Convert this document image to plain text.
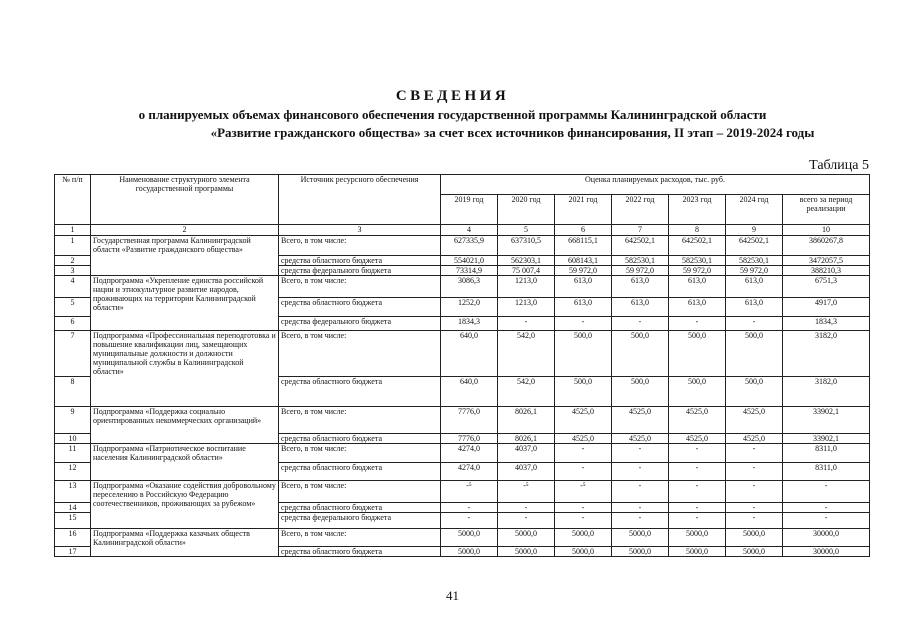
СВЕДЕНИЯ
о планируемых объемах финансового обеспечения государственной программы Калининградской области
«Развитие гражданского общества» за счет всех источников финансирования, II этап – 2019-2024 годы
Таблица 5
№ п/п	Наименование структурного элемента государственной программы	Источник ресурсного обеспечения	Оценка планируемых расходов, тыс. руб.						
			2019 год	2020 год	2021 год	2022 год	2023 год	2024 год	всего за период реализации
1	2	3	4	5	6	7	8	9	10
1	Государственная программа Калининградской области «Развитие гражданского общества»	Всего, в том числе:	627335,9	637310,5	668115,1	642502,1	642502,1	642502,1	3860267,8
2		средства областного бюджета	554021,0	562303,1	608143,1	582530,1	582530,1	582530,1	3472057,5
3		средства федерального бюджета	73314,9	75 007,4	59 972,0	59 972,0	59 972,0	59 972,0	388210,3
4	Подпрограмма «Укрепление единства российской нации и этнокультурное развитие народов, проживающих на территории Калининградской области»	Всего, в том числе:	3086,3	1213,0	613,0	613,0	613,0	613,0	6751,3
5		средства областного бюджета	1252,0	1213,0	613,0	613,0	613,0	613,0	4917,0
6		средства федерального бюджета	1834,3	-	-	-	-	-	1834,3
7	Подпрограмма «Профессиональная переподготовка и повышение квалификации лиц, замещающих муниципальные должности и должности муниципальной службы в Калининградской области»	Всего, в том числе:	640,0	542,0	500,0	500,0	500,0	500,0	3182,0
8		средства областного бюджета	640,0	542,0	500,0	500,0	500,0	500,0	3182,0
9	Подпрограмма «Поддержка социально ориентированных некоммерческих организаций»	Всего, в том числе:	7776,0	8026,1	4525,0	4525,0	4525,0	4525,0	33902,1
10		средства областного бюджета	7776,0	8026,1	4525,0	4525,0	4525,0	4525,0	33902,1
11	Подпрограмма «Патриотическое воспитание населения Калининградской области»	Всего, в том числе:	4274,0	4037,0	-	-	-	-	8311,0
12		средства областного бюджета	4274,0	4037,0	-	-	-	-	8311,0
13	Подпрограмма «Оказание содействия добровольному переселению в Российскую Федерацию соотечественников, проживающих за рубежом»	Всего, в том числе:	-⁵	-⁵	-⁵	-	-	-	-
14		средства областного бюджета	-	-	-	-	-	-	-
15		средства федерального бюджета	-	-	-	-	-	-	-
16	Подпрограмма «Поддержка казачьих обществ Калининградской области»	Всего, в том числе:	5000,0	5000,0	5000,0	5000,0	5000,0	5000,0	30000,0
17		средства областного бюджета	5000,0	5000,0	5000,0	5000,0	5000,0	5000,0	30000,0
41
